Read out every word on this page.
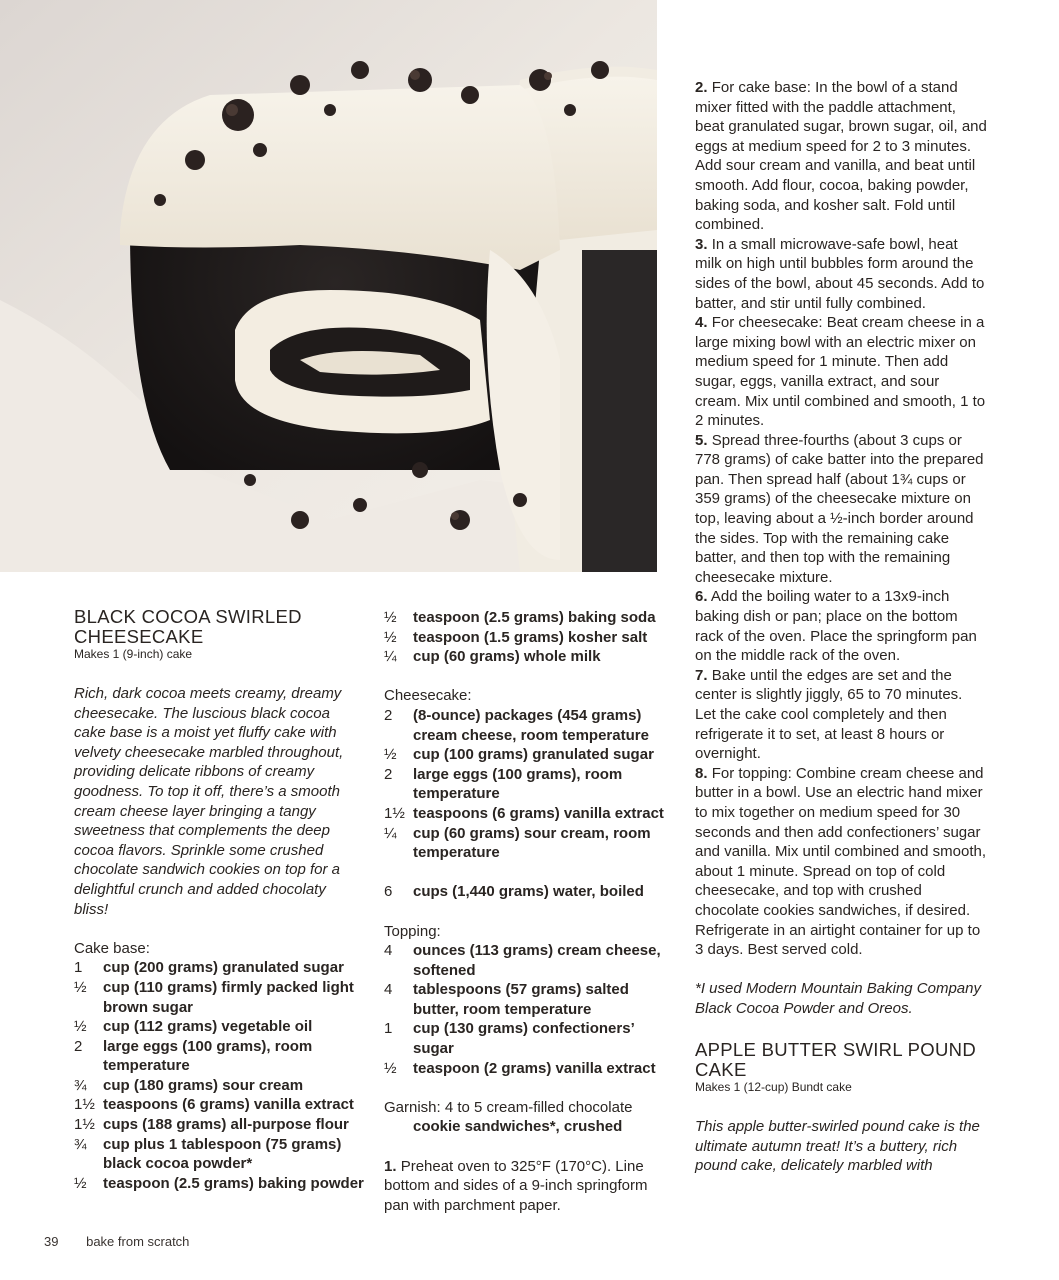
BLACK COCOA SWIRLED CHEESECAKE

Makes 1 (9-inch) cake

Rich, dark cocoa meets creamy, dreamy cheesecake. The luscious black cocoa cake base is a moist yet fluffy cake with velvety cheesecake marbled throughout, providing delicate ribbons of creamy goodness. To top it off, there’s a smooth cream cheese layer bringing a tangy sweetness that complements the deep cocoa flavors. Sprinkle some crushed chocolate sandwich cookies on top for a delightful crunch and added chocolaty bliss!

Cake base:

1	cup (200 grams) granulated sugar
½	cup (110 grams) firmly packed light brown sugar
½	cup (112 grams) vegetable oil
2	large eggs (100 grams), room temperature
¾	cup (180 grams) sour cream
1½ teaspoons (6 grams) vanilla extract
1½ cups (188 grams) all-purpose flour
¾	cup plus 1 tablespoon (75 grams) black cocoa powder*
½	teaspoon (2.5 grams) baking powder
½	teaspoon (2.5 grams) baking soda
½	teaspoon (1.5 grams) kosher salt
¼	cup (60 grams) whole milk

Cheesecake:

2	(8-ounce) packages (454 grams) cream cheese, room temperature
½	cup (100 grams) granulated sugar
2	large eggs (100 grams), room temperature
1½ teaspoons (6 grams) vanilla extract
¼	cup (60 grams) sour cream, room temperature
6	cups (1,440 grams) water, boiled

Topping:

4	ounces (113 grams) cream cheese, softened
4	tablespoons (57 grams) salted butter, room temperature
1	cup (130 grams) confectioners’ sugar
½	teaspoon (2 grams) vanilla extract

Garnish: 4 to 5 cream-filled chocolate

cookie sandwiches*, crushed

1. Preheat oven to 325°F (170°C). Line bottom and sides of a 9-inch springform pan with parchment paper.

2. For cake base: In the bowl of a stand mixer fitted with the paddle attachment, beat granulated sugar, brown sugar, oil, and eggs at medium speed for 2 to 3 minutes. Add sour cream and vanilla, and beat until smooth. Add flour, cocoa, baking powder, baking soda, and kosher salt. Fold until combined.

3. In a small microwave-safe bowl, heat milk on high until bubbles form around the sides of the bowl, about 45 seconds. Add to batter, and stir until fully combined.

4. For cheesecake: Beat cream cheese in a large mixing bowl with an electric mixer on medium speed for 1 minute. Then add sugar, eggs, vanilla extract, and sour cream. Mix until combined and smooth, 1 to 2 minutes.

5. Spread three-fourths (about 3 cups or 778 grams) of cake batter into the prepared pan. Then spread half (about 1¾ cups or 359 grams) of the cheesecake mixture on top, leaving about a ½-inch border around the sides. Top with the remaining cake batter, and then top with the remaining cheesecake mixture.

6. Add the boiling water to a 13x9-inch baking dish or pan; place on the bottom rack of the oven. Place the springform pan on the middle rack of the oven.

7. Bake until the edges are set and the center is slightly jiggly, 65 to 70 minutes. Let the cake cool completely and then refrigerate it to set, at least 8 hours or overnight.

8. For topping: Combine cream cheese and butter in a bowl. Use an electric hand mixer to mix together on medium speed for 30 seconds and then add confectioners’ sugar and vanilla. Mix until combined and smooth, about 1 minute. Spread on top of cold cheesecake, and top with crushed chocolate cookies sandwiches, if desired. Refrigerate in an airtight container for up to 3 days. Best served cold.

*I used Modern Mountain Baking Company Black Cocoa Powder and Oreos.

APPLE BUTTER SWIRL POUND CAKE

Makes 1 (12-cup) Bundt cake

This apple butter-swirled pound cake is the ultimate autumn treat! It’s a buttery, rich pound cake, delicately marbled with

39 bake from scratch
